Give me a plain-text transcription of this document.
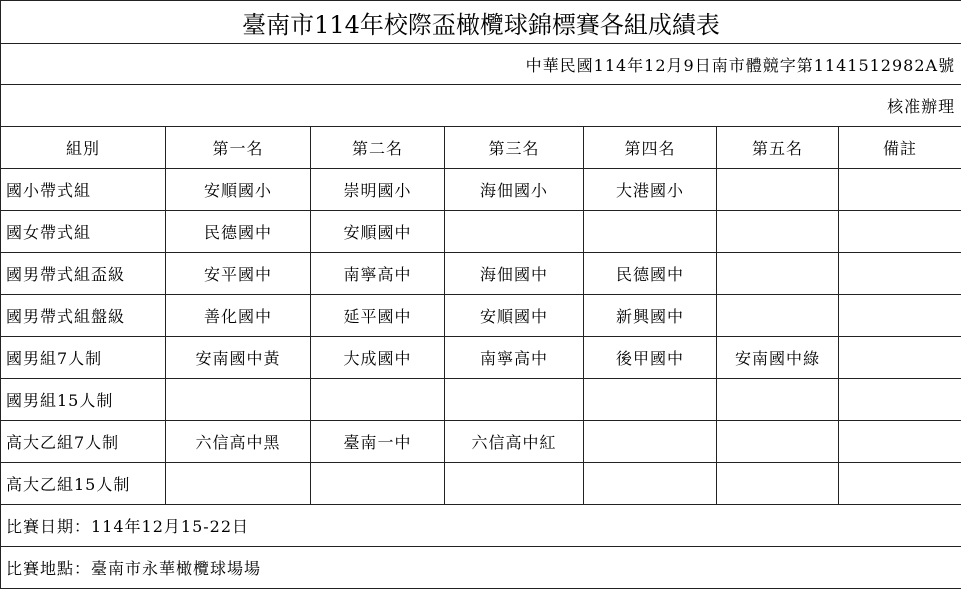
臺南市114年校際盃橄欖球錦標賽各組成績表						
中華民國114年12月9日南市體競字第1141512982A號						
核准辦理						
組別	第一名	第二名	第三名	第四名	第五名	備註
國小帶式組	安順國小	崇明國小	海佃國小	大港國小		
國女帶式組	民德國中	安順國中				
國男帶式組盃級	安平國中	南寧高中	海佃國中	民德國中		
國男帶式組盤級	善化國中	延平國中	安順國中	新興國中		
國男組7人制	安南國中黃	大成國中	南寧高中	後甲國中	安南國中綠	
國男組15人制						
高大乙組7人制	六信高中黑	臺南一中	六信高中紅			
高大乙組15人制						
比賽日期：114年12月15-22日						
比賽地點：臺南市永華橄欖球場場						
